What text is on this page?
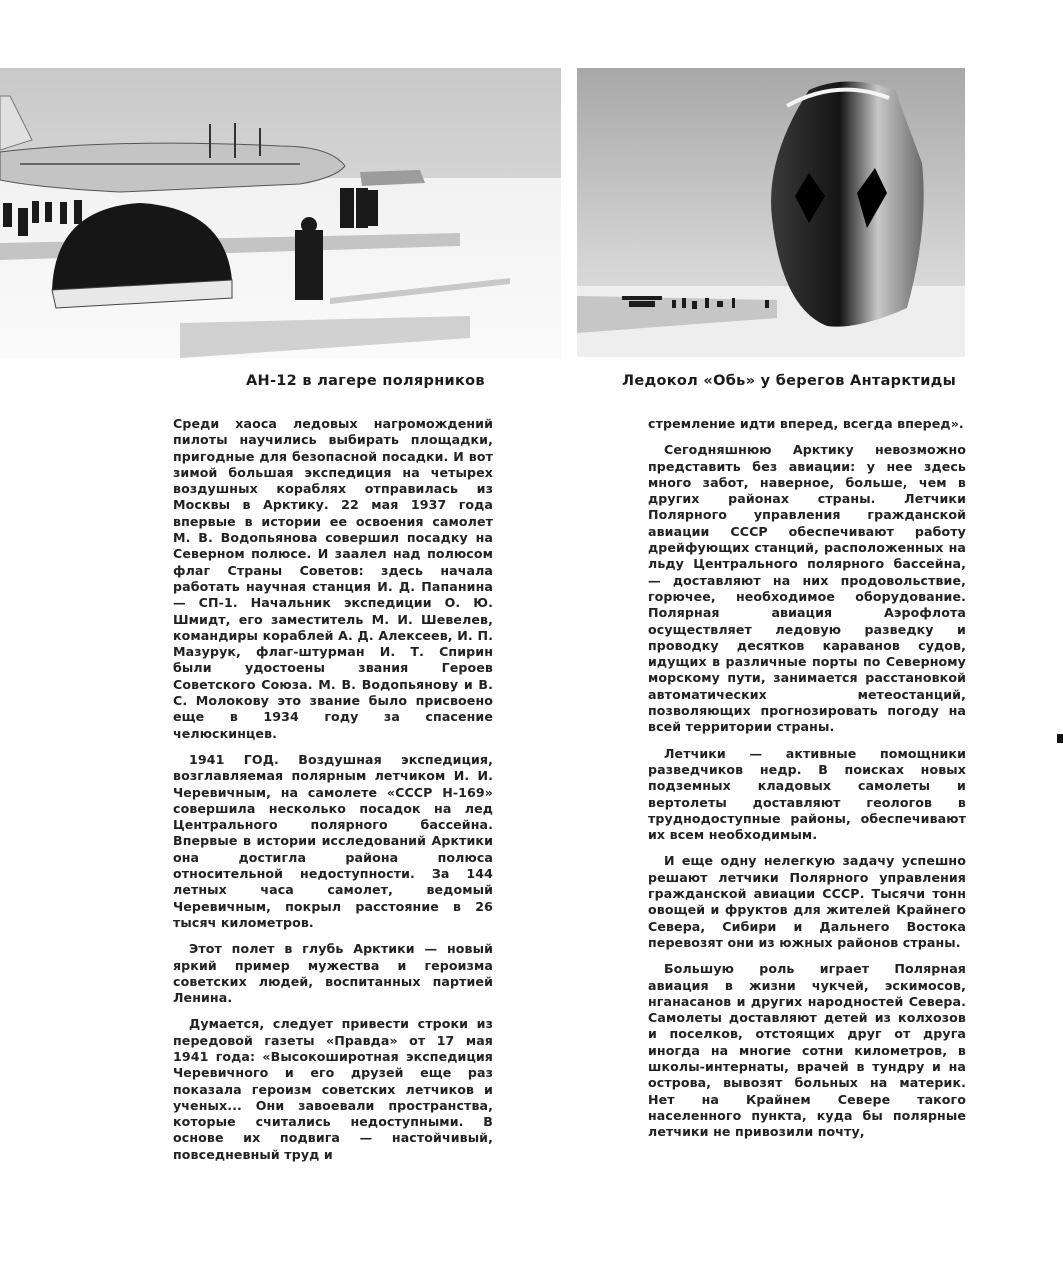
АН-12 в лагере полярников	Ледокол «Обь» у берегов Антарктиды

Среди хаоса ледовых нагромождений пилоты научились выбирать площадки, пригодные для безопасной посадки. И вот зимой большая экспедиция на четырех воздушных кораблях отправилась из Москвы в Арктику. 22 мая 1937 года впервые в истории ее освоения самолет М. В. Водопьянова совершил посадку на Северном полюсе. И заалел над полюсом флаг Страны Советов: здесь начала работать научная станция И. Д. Папанина — СП-1. Начальник экспедиции О. Ю. Шмидт, его заместитель М. И. Шевелев, командиры кораблей А. Д. Алексеев, И. П. Мазурук, флаг-штурман И. Т. Спирин были удостоены звания Героев Советского Союза. М. В. Водопьянову и В. С. Молокову это звание было присвоено еще в 1934 году за спасение челюскинцев.

1941 ГОД. Воздушная экспедиция, возглавляемая полярным летчиком И. И. Черевичным, на самолете «СССР Н-169» совершила несколько посадок на лед Центрального полярного бассейна. Впервые в истории исследований Арктики она достигла района полюса относительной недоступности. За 144 летных часа самолет, ведомый Черевичным, покрыл расстояние в 26 тысяч километров.

Этот полет в глубь Арктики — новый яркий пример мужества и героизма советских людей, воспитанных партией Ленина.

Думается, следует привести строки из передовой газеты «Правда» от 17 мая 1941 года: «Высокоширотная экспедиция Черевичного и его друзей еще раз показала героизм советских летчиков и ученых... Они завоевали пространства, которые считались недоступными. В основе их подвига — настойчивый, повседневный труд и

стремление идти вперед, всегда вперед».

Сегодняшнюю Арктику невозможно представить без авиации: у нее здесь много забот, наверное, больше, чем в других районах страны. Летчики Полярного управления гражданской авиации СССР обеспечивают работу дрейфующих станций, расположенных на льду Центрального полярного бассейна, — доставляют на них продовольствие, горючее, необходимое оборудование. Полярная авиация Аэрофлота осуществляет ледовую разведку и проводку десятков караванов судов, идущих в различные порты по Северному морскому пути, занимается расстановкой автоматических метеостанций, позволяющих прогнозировать погоду на всей территории страны.

Летчики — активные помощники разведчиков недр. В поисках новых подземных кладовых самолеты и вертолеты доставляют геологов в труднодоступные районы, обеспечивают их всем необходимым.

И еще одну нелегкую задачу успешно решают летчики Полярного управления гражданской авиации СССР. Тысячи тонн овощей и фруктов для жителей Крайнего Севера, Сибири и Дальнего Востока перевозят они из южных районов страны.

Большую роль играет Полярная авиация в жизни чукчей, эскимосов, нганасанов и других народностей Севера. Самолеты доставляют детей из колхозов и поселков, отстоящих друг от друга иногда на многие сотни километров, в школы-интернаты, врачей в тундру и на острова, вывозят больных на материк. Нет на Крайнем Севере такого населенного пункта, куда бы полярные летчики не привозили почту,
